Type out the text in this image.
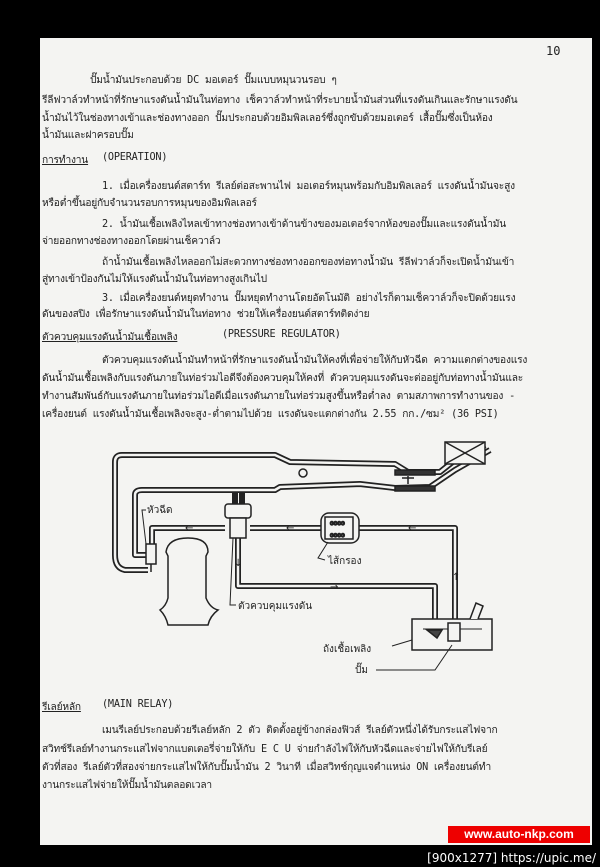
10
ปั๊มน้ำมันประกอบด้วย DC มอเตอร์ ปั๊มแบบหมุนวนรอบ ๆ
รีลีฟวาล์วทำหน้าที่รักษาแรงดันน้ำมันในท่อทาง เช็ควาล์วทำหน้าที่ระบายน้ำมันส่วนที่แรงดันเกินและรักษาแรงดัน
น้ำมันไว้ในช่องทางเข้าและช่องทางออก ปั๊มประกอบด้วยอิมพิลเลอร์ซึ่งถูกขับด้วยมอเตอร์ เสื้อปั๊มซึ่งเป็นห้อง
น้ำมันและฝาครอบปั๊ม
การทำงาน (OPERATION)
1. เมื่อเครื่องยนต์สตาร์ท รีเลย์ต่อสะพานไฟ มอเตอร์หมุนพร้อมกับอิมพิลเลอร์ แรงดันน้ำมันจะสูง
หรือต่ำขึ้นอยู่กับจำนวนรอบการหมุนของอิมพิลเลอร์
2. น้ำมันเชื้อเพลิงไหลเข้าทางช่องทางเข้าด้านข้างของมอเตอร์จากห้องของปั๊มและแรงดันน้ำมัน
จ่ายออกทางช่องทางออกโดยผ่านเช็ควาล์ว
ถ้าน้ำมันเชื้อเพลิงไหลออกไม่สะดวกทางช่องทางออกของท่อทางน้ำมัน รีลีฟวาล์วก็จะเปิดน้ำมันเข้า
สู่ทางเข้าป้องกันไม่ให้แรงดันน้ำมันในท่อทางสูงเกินไป
3. เมื่อเครื่องยนต์หยุดทำงาน ปั๊มหยุดทำงานโดยอัตโนมัติ อย่างไรก็ตามเช็ควาล์วก็จะปิดด้วยแรง
ดันของสปิง เพื่อรักษาแรงดันน้ำมันในท่อทาง ช่วยให้เครื่องยนต์สตาร์ทติดง่าย
ตัวควบคุมแรงดันน้ำมันเชื้อเพลิง	(PRESSURE REGULATOR)
ตัวควบคุมแรงดันน้ำมันทำหน้าที่รักษาแรงดันน้ำมันให้คงที่เพื่อจ่ายให้กับหัวฉีด ความแตกต่างของแรง
ดันน้ำมันเชื้อเพลิงกับแรงดันภายในท่อร่วมไอดีจึงต้องควบคุมให้คงที่ ตัวควบคุมแรงดันจะต่ออยู่กับท่อทางน้ำมันและ
ทำงานสัมพันธ์กับแรงดันภายในท่อร่วมไอดีเมื่อแรงดันภายในท่อร่วมสูงขึ้นหรือต่ำลง ตามสภาพการทำงานของ -
เครื่องยนต์ แรงดันน้ำมันเชื้อเพลิงจะสูง-ต่ำตามไปด้วย แรงดันจะแตกต่างกัน 2.55 กก./ซม² (36 PSI)
oooo
oooo
←	←	←
→
↓
↑
หัวฉีด
ไส้กรอง
ตัวควบคุมแรงดัน
ถังเชื้อเพลิง
ปั๊ม
รีเลย์หลัก (MAIN RELAY)
เมนรีเลย์ประกอบด้วยรีเลย์หลัก 2 ตัว ติดตั้งอยู่ข้างกล่องฟิวส์ รีเลย์ตัวหนึ่งได้รับกระแสไฟจาก
สวิทช์รีเลย์ทำงานกระแสไฟจากแบตเตอรี่จ่ายให้กับ E C U จ่ายกำลังไฟให้กับหัวฉีดและจ่ายไฟให้กับรีเลย์
ตัวที่สอง รีเลย์ตัวที่สองจ่ายกระแสไฟให้กับปั๊มน้ำมัน 2 วินาที เมื่อสวิทช์กุญแจตำแหน่ง ON เครื่องยนต์ทำ
งานกระแสไฟจ่ายให้ปั๊มน้ำมันตลอดเวลา
www.auto-nkp.com
[900x1277] https://upic.me/
